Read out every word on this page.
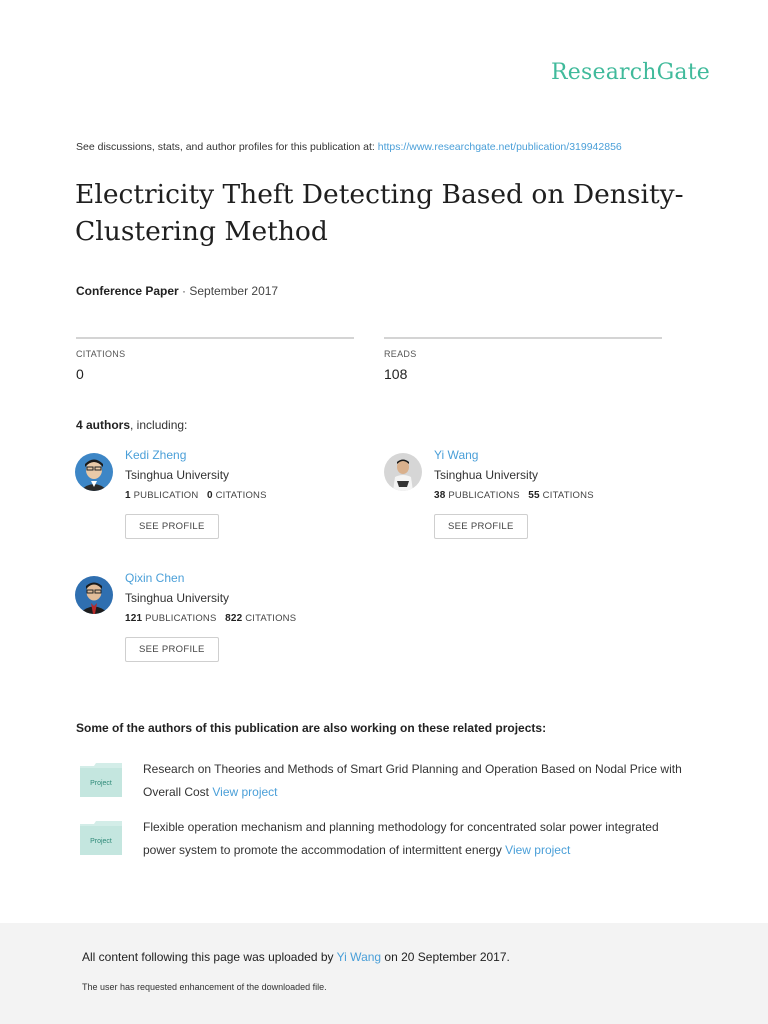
ResearchGate
See discussions, stats, and author profiles for this publication at: https://www.researchgate.net/publication/319942856
Electricity Theft Detecting Based on Density-Clustering Method
Conference Paper · September 2017
CITATIONS
0
READS
108
4 authors, including:
Kedi Zheng
Tsinghua University
1 PUBLICATION 0 CITATIONS
SEE PROFILE
Yi Wang
Tsinghua University
38 PUBLICATIONS 55 CITATIONS
SEE PROFILE
Qixin Chen
Tsinghua University
121 PUBLICATIONS 822 CITATIONS
SEE PROFILE
Some of the authors of this publication are also working on these related projects:
Project
Research on Theories and Methods of Smart Grid Planning and Operation Based on Nodal Price with Overall Cost View project
Project
Flexible operation mechanism and planning methodology for concentrated solar power integrated power system to promote the accommodation of intermittent energy View project
All content following this page was uploaded by Yi Wang on 20 September 2017.
The user has requested enhancement of the downloaded file.
